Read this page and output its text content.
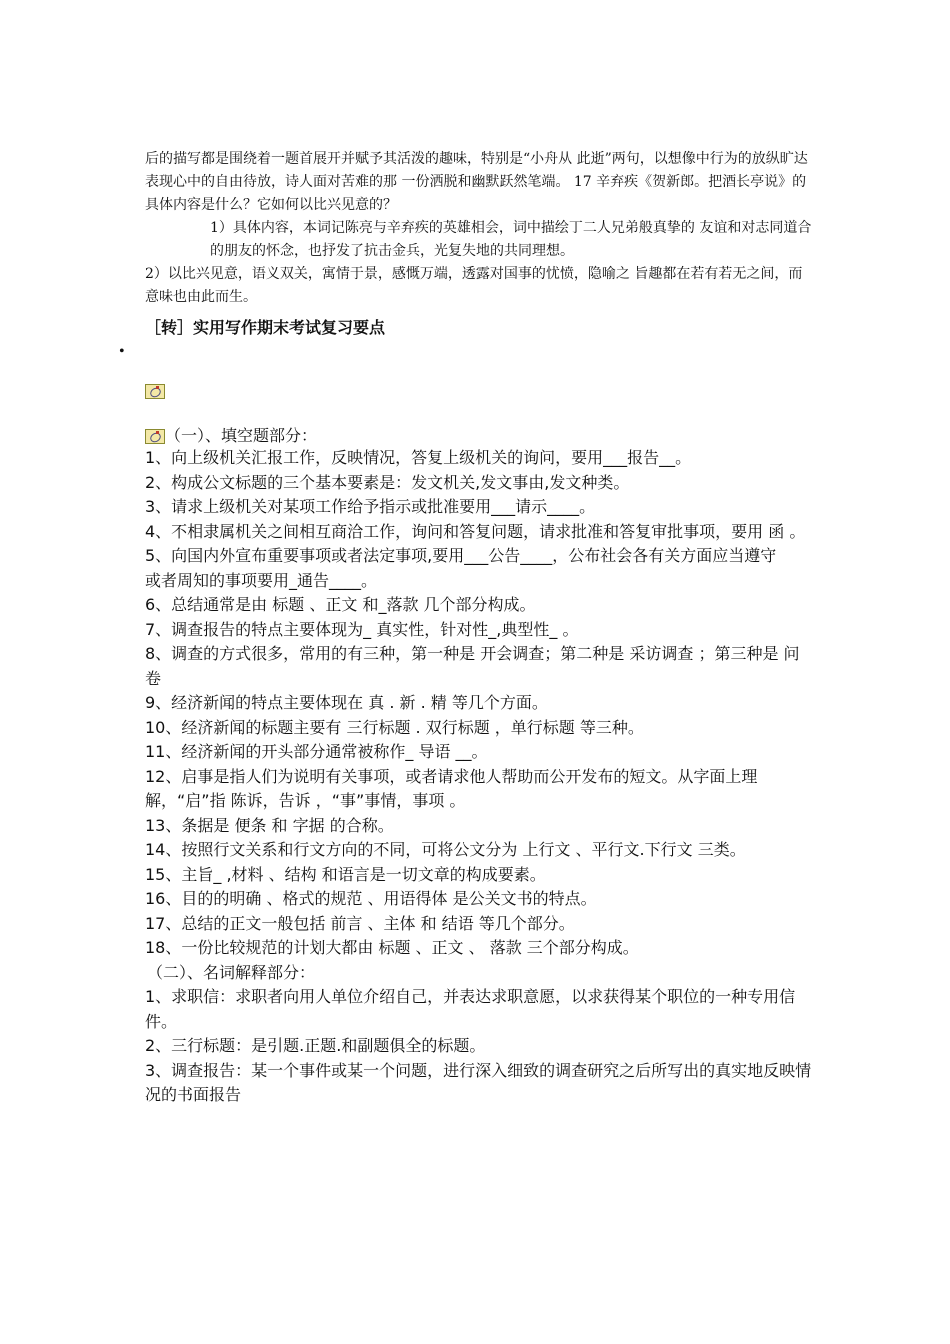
后的描写都是围绕着一题首展开并赋予其活泼的趣味，特别是“小舟从 此逝”两句，以想像中行为的放纵旷达表现心中的自由待放，诗人面对苦难的那 一份洒脱和幽默跃然笔端。 17 辛弃疾《贺新郎。把酒长亭说》的具体内容是什么？它如何以比兴见意的？

1）具体内容，本词记陈亮与辛弃疾的英雄相会，词中描绘丁二人兄弟般真挚的 友谊和对志同道合的朋友的怀念，也抒发了抗击金兵，光复失地的共同理想。

2）以比兴见意，语义双关，寓情于景，感慨万端，透露对国事的忧愤，隐喻之 旨趣都在若有若无之间，而意味也由此而生。

［转］实用写作期末考试复习要点
•
（一）、填空题部分：

1、向上级机关汇报工作，反映情况，答复上级机关的询问，要用___报告__。

2、构成公文标题的三个基本要素是：发文机关,发文事由,发文种类。

3、请求上级机关对某项工作给予指示或批准要用___请示____。

4、不相隶属机关之间相互商洽工作，询问和答复问题，请求批准和答复审批事项，要用 函 。

5、向国内外宣布重要事项或者法定事项,要用___公告____，公布社会各有关方面应当遵守

或者周知的事项要用_通告____。

6、总结通常是由 标题 、正文 和_落款 几个部分构成。

7、调查报告的特点主要体现为_ 真实性，针对性_,典型性_ 。

8、调查的方式很多，常用的有三种，第一种是 开会调查；第二种是 采访调查 ；第三种是 问卷

9、经济新闻的特点主要体现在 真 . 新 . 精 等几个方面。

10、经济新闻的标题主要有 三行标题 . 双行标题 ，单行标题 等三种。

11、经济新闻的开头部分通常被称作_ 导语 __。

12、启事是指人们为说明有关事项，或者请求他人帮助而公开发布的短文。从字面上理解，“启”指 陈诉，告诉 ，“事”事情，事项 。

13、条据是 便条 和 字据 的合称。

14、按照行文关系和行文方向的不同，可将公文分为 上行文 、平行文.下行文 三类。

15、主旨_ ,材料 、结构 和语言是一切文章的构成要素。

16、目的的明确 、格式的规范 、用语得体 是公关文书的特点。

17、总结的正文一般包括 前言 、主体 和 结语 等几个部分。

18、一份比较规范的计划大都由 标题 、正文 、 落款 三个部分构成。

（二）、名词解释部分：

1、求职信：求职者向用人单位介绍自己，并表达求职意愿，以求获得某个职位的一种专用信件。

2、三行标题：是引题.正题.和副题俱全的标题。

3、调查报告：某一个事件或某一个问题，进行深入细致的调查研究之后所写出的真实地反映情况的书面报告
